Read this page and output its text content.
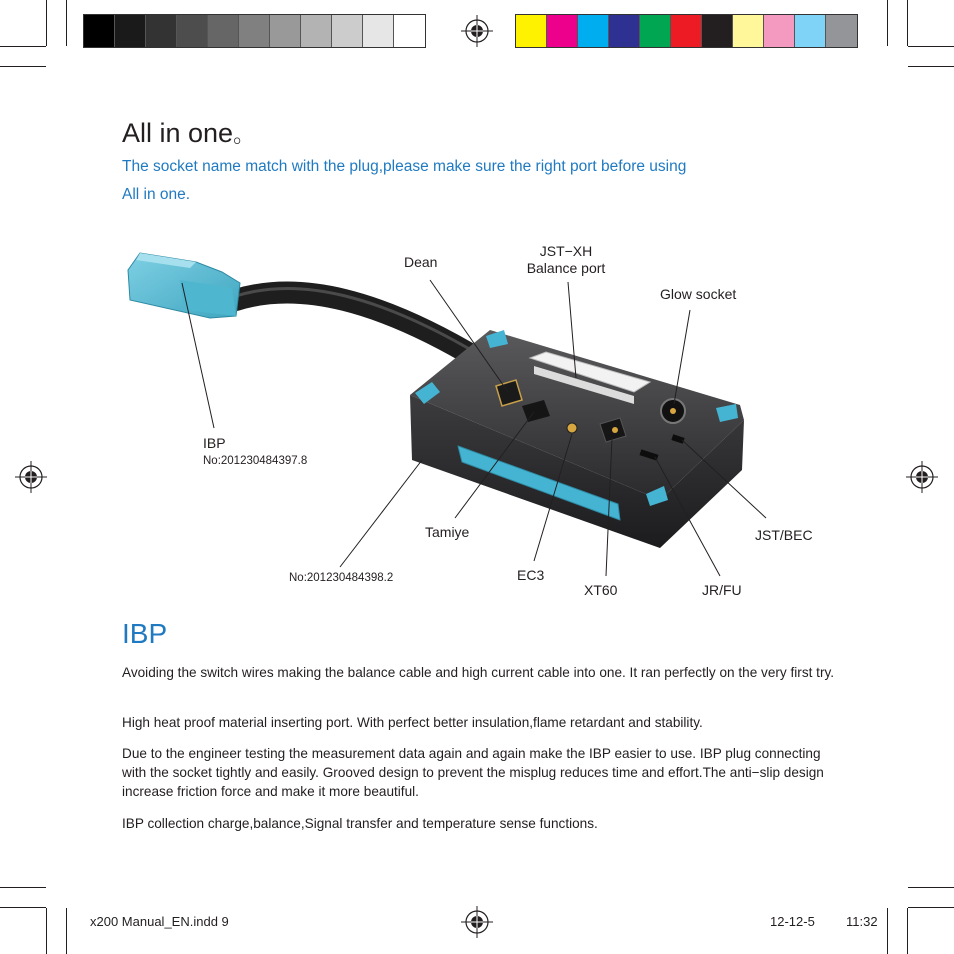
All in one。
The socket name match with the plug,please make sure the right port before using
All in one.
Dean
JST−XH
Balance port
Glow socket
IBP
No:201230484397.8
Tamiye	JST/BEC
No:201230484398.2	EC3
XT60	JR/FU
IBP
Avoiding the switch wires making the balance cable and high current cable into one. It ran perfectly on the very first try.
High heat proof material inserting port. With perfect better insulation,flame retardant and stability.
Due to the engineer testing the measurement data again and again make the IBP easier to use. IBP plug connecting with the socket tightly and easily. Grooved design to prevent the misplug reduces time and effort.The anti−slip design increase friction force and make it more beautiful.
IBP collection charge,balance,Signal transfer and temperature sense functions.
x200 Manual_EN.indd 9	12-12-5 11:32
